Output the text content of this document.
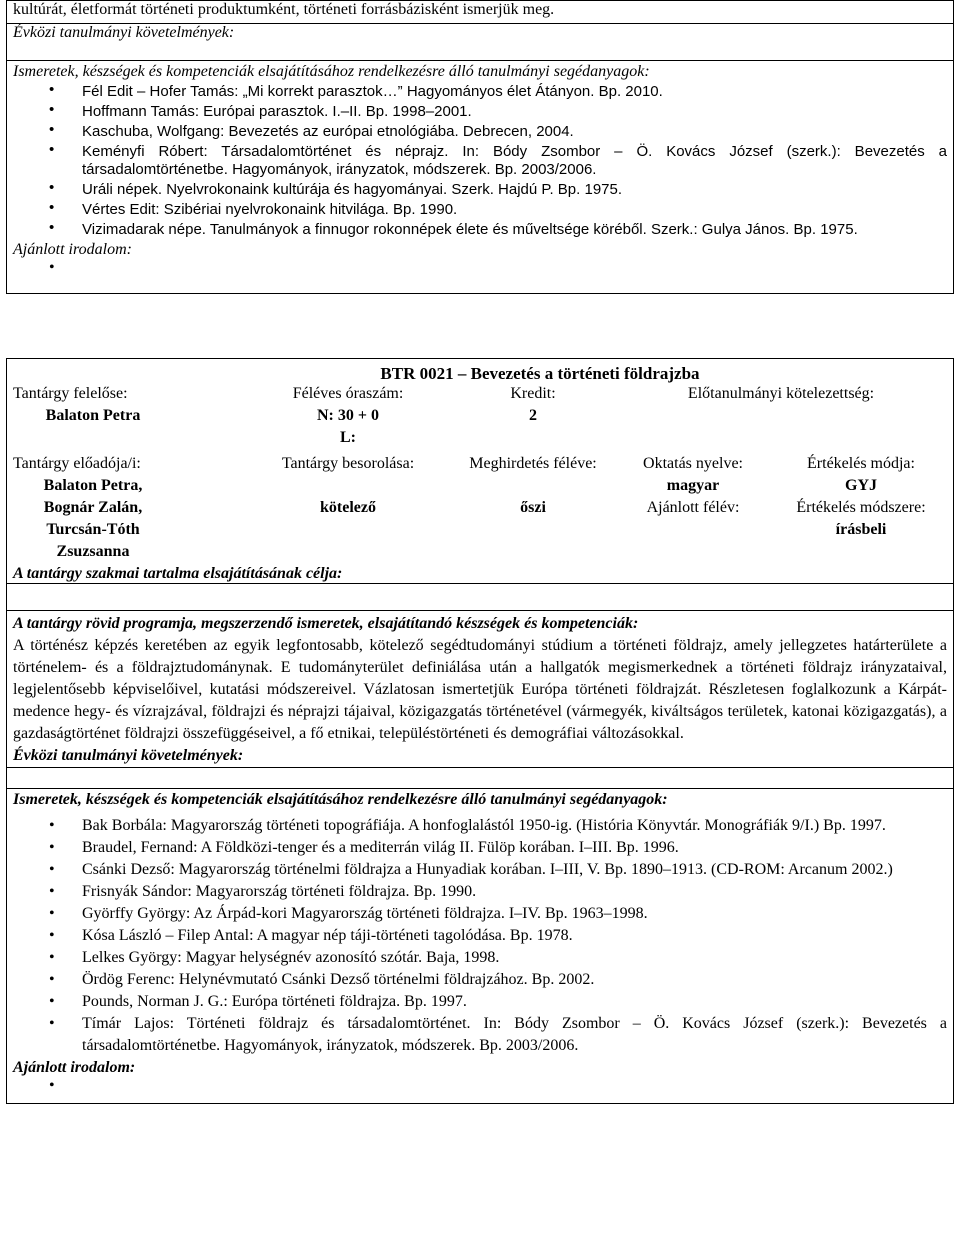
kultúrát, életformát történeti produktumként, történeti forrásbázisként ismerjük meg.
Évközi tanulmányi követelmények:

Ismeretek, készségek és kompetenciák elsajátításához rendelkezésre álló tanulmányi segédanyagok:
• Fél Edit – Hofer Tamás: „Mi korrekt parasztok…” Hagyományos élet Átányon. Bp. 2010.
• Hoffmann Tamás: Európai parasztok. I.–II. Bp. 1998–2001.
• Kaschuba, Wolfgang: Bevezetés az európai etnológiába. Debrecen, 2004.
• Keményfi Róbert: Társadalomtörténet és néprajz. In: Bódy Zsombor – Ö. Kovács József (szerk.): Bevezetés a társadalomtörténetbe. Hagyományok, irányzatok, módszerek. Bp. 2003/2006.
• Uráli népek. Nyelvrokonaink kultúrája és hagyományai. Szerk. Hajdú P. Bp. 1975.
• Vértes Edit: Szibériai nyelvrokonaink hitvilága. Bp. 1990.
• Vizimadarak népe. Tanulmányok a finnugor rokonnépek élete és műveltsége köréből. Szerk.: Gulya János. Bp. 1975.
Ajánlott irodalom:
•
BTR 0021 – Bevezetés a történeti földrajzba
Tantárgy felelőse:	Féléves óraszám:	Kredit:	Előtanulmányi kötelezettség:
Balaton Petra	N: 30 + 0	2	
	L:		
Tantárgy előadója/i:	Tantárgy besorolása:	Meghirdetés féléve:	Oktatás nyelve:	Értékelés módja:
Balaton Petra,			magyar	GYJ
Bognár Zalán,	kötelező	őszi	Ajánlott félév:	Értékelés módszere:
Turcsán-Tóth				írásbeli
Zsuzsanna				
A tantárgy szakmai tartalma elsajátításának célja:

A tantárgy rövid programja, megszerzendő ismeretek, elsajátítandó készségek és kompetenciák:
A történész képzés keretében az egyik legfontosabb, kötelező segédtudományi stúdium a történeti földrajz, amely jellegzetes határterülete a történelem- és a földrajztudománynak. E tudományterület definiálása után a hallgatók megismerkednek a történeti földrajz irányzataival, legjelentősebb képviselőivel, kutatási módszereivel. Vázlatosan ismertetjük Európa történeti földrajzát. Részletesen foglalkozunk a Kárpát-medence hegy- és vízrajzával, földrajzi és néprajzi tájaival, közigazgatás történetével (vármegyék, kiváltságos területek, katonai közigazgatás), a gazdaságtörténet földrajzi összefüggéseivel, a fő etnikai, településtörténeti és demográfiai változásokkal.
Évközi tanulmányi követelmények:

Ismeretek, készségek és kompetenciák elsajátításához rendelkezésre álló tanulmányi segédanyagok:
• Bak Borbála: Magyarország történeti topográfiája. A honfoglalástól 1950-ig. (História Könyvtár. Monográfiák 9/I.) Bp. 1997.
• Braudel, Fernand: A Földközi-tenger és a mediterrán világ II. Fülöp korában. I–III. Bp. 1996.
• Csánki Dezső: Magyarország történelmi földrajza a Hunyadiak korában. I–III, V. Bp. 1890–1913. (CD-ROM: Arcanum 2002.)
• Frisnyák Sándor: Magyarország történeti földrajza. Bp. 1990.
• Györffy György: Az Árpád-kori Magyarország történeti földrajza. I–IV. Bp. 1963–1998.
• Kósa László – Filep Antal: A magyar nép táji-történeti tagolódása. Bp. 1978.
• Lelkes György: Magyar helységnév azonosító szótár. Baja, 1998.
• Ördög Ferenc: Helynévmutató Csánki Dezső történelmi földrajzához. Bp. 2002.
• Pounds, Norman J. G.: Európa történeti földrajza. Bp. 1997.
• Tímár Lajos: Történeti földrajz és társadalomtörténet. In: Bódy Zsombor – Ö. Kovács József (szerk.): Bevezetés a társadalomtörténetbe. Hagyományok, irányzatok, módszerek. Bp. 2003/2006.
Ajánlott irodalom:
•
